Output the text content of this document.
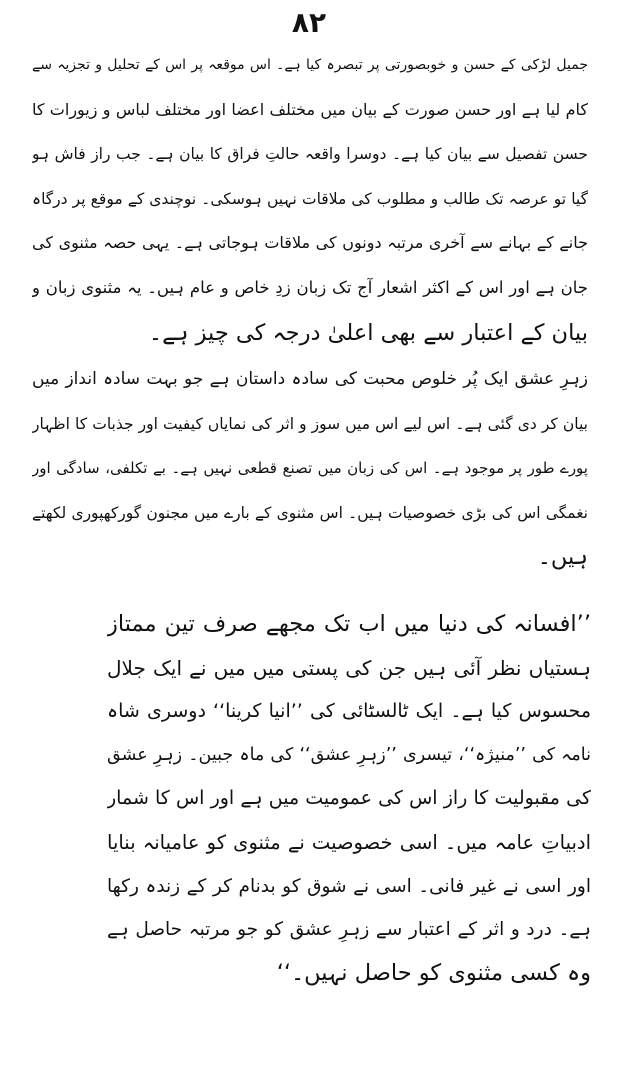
۸۲
جمیل لڑکی کے حسن و خوبصورتی پر تبصرہ کیا ہے۔ اس موقعہ پر اس کے تحلیل و تجزیہ سے
کام لیا ہے اور حسن صورت کے بیان میں مختلف اعضا اور مختلف لباس و زیورات کا
حسن تفصیل سے بیان کیا ہے۔ دوسرا واقعہ حالتِ فراق کا بیان ہے۔ جب راز فاش ہو
گیا تو عرصہ تک طالب و مطلوب کی ملاقات نہیں ہوسکی۔ نوچندی کے موقع پر درگاہ
جانے کے بہانے سے آخری مرتبہ دونوں کی ملاقات ہوجاتی ہے۔ یہی حصہ مثنوی کی
جان ہے اور اس کے اکثر اشعار آج تک زبان زدِ خاص و عام ہیں۔ یہ مثنوی زبان و
بیان کے اعتبار سے بھی اعلیٰ درجہ کی چیز ہے۔
زہرِ عشق ایک پُر خلوص محبت کی سادہ داستان ہے جو بہت سادہ انداز میں
بیان کر دی گئی ہے۔ اس لیے اس میں سوز و اثر کی نمایاں کیفیت اور جذبات کا اظہار
پورے طور پر موجود ہے۔ اس کی زبان میں تصنع قطعی نہیں ہے۔ بے تکلفی، سادگی اور
نغمگی اس کی بڑی خصوصیات ہیں۔ اس مثنوی کے بارے میں مجنون گورکھپوری لکھتے
ہیں۔
’’افسانہ کی دنیا میں اب تک مجھے صرف تین ممتاز
ہستیاں نظر آئی ہیں جن کی پستی میں میں نے ایک جلال
محسوس کیا ہے۔ ایک ٹالسٹائی کی ’’انیا کرینا‘‘ دوسری شاہ
نامہ کی ’’منیژہ‘‘، تیسری ’’زہرِ عشق‘‘ کی ماہ جبین۔ زہرِ عشق
کی مقبولیت کا راز اس کی عمومیت میں ہے اور اس کا شمار
ادبیاتِ عامہ میں۔ اسی خصوصیت نے مثنوی کو عامیانہ بنایا
اور اسی نے غیر فانی۔ اسی نے شوق کو بدنام کر کے زندہ رکھا
ہے۔ درد و اثر کے اعتبار سے زہرِ عشق کو جو مرتبہ حاصل ہے
وہ کسی مثنوی کو حاصل نہیں۔‘‘
